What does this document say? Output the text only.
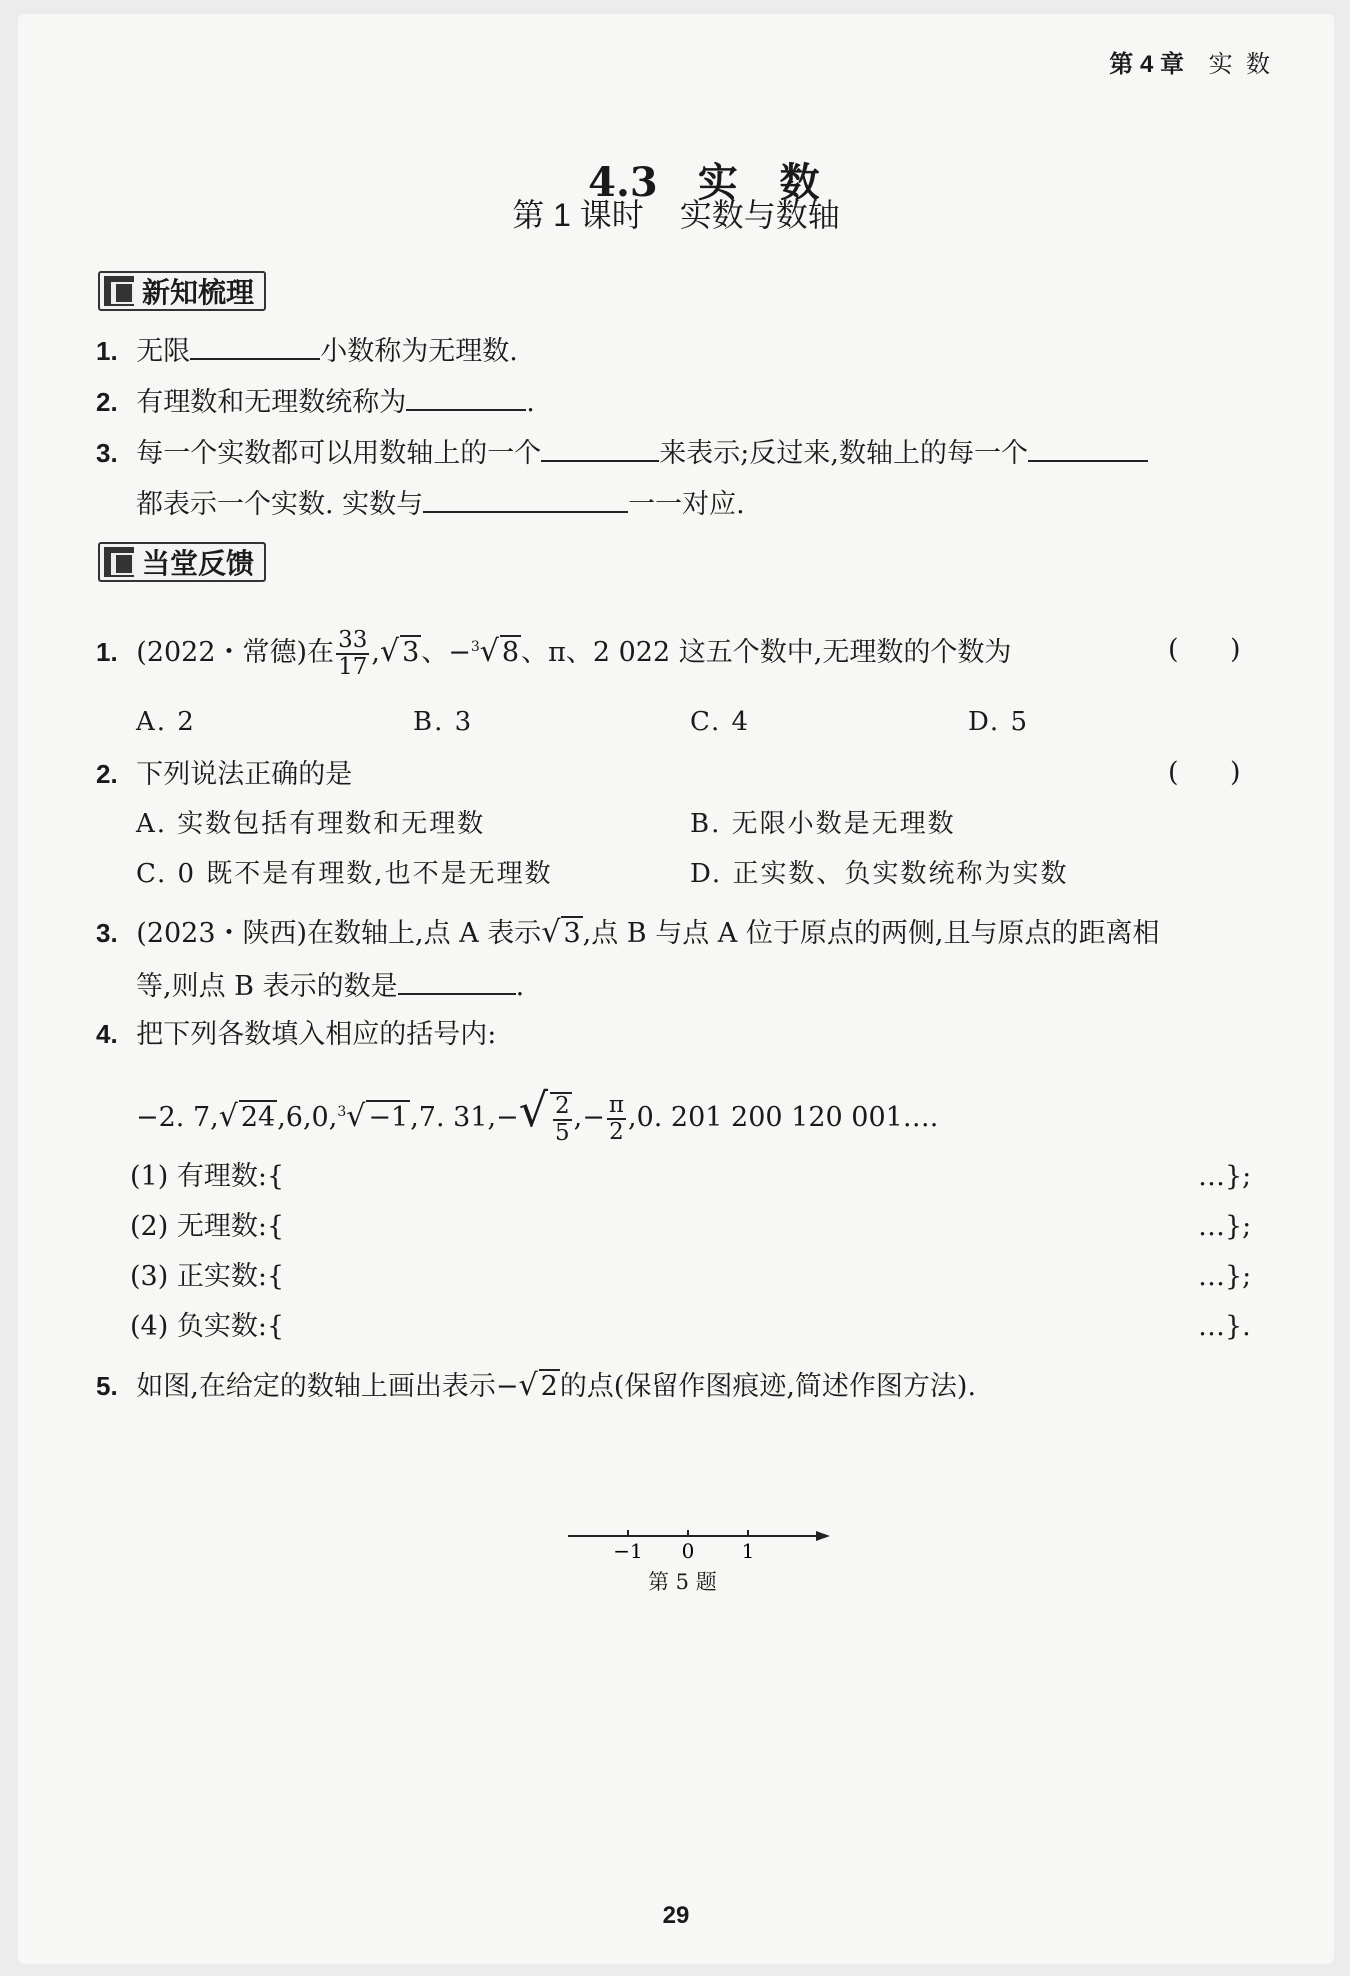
第 4 章 实  数

4.3 实   数

第 1 课时 实数与数轴
新知梳理
1. 无限	小数称为无理数.
2. 有理数和无理数统称为	.
3. 每一个实数都可以用数轴上的一个	来表示;反过来,数轴上的每一个
都表示一个实数. 实数与	一一对应.
当堂反馈
1. (2022・常德)在 $\frac{33}{17}$ ,√ 3、−$^3$√ 8、π、2 022 这五个数中,无理数的个数为	(      )
A. 2	B. 3	C. 4	D. 5
2. 下列说法正确的是	(      )
A. 实数包括有理数和无理数	B. 无限小数是无理数
C. 0 既不是有理数,也不是无理数	D. 正实数、负实数统称为实数
3. (2023・陕西)在数轴上,点 A 表示√ 3,点 B 与点 A 位于原点的两侧,且与原点的距离相
等,则点 B 表示的数是	.
4. 把下列各数填入相应的括号内:
−2. 7,√ 24,6,0,$^3$√ −1,7. $31,-√ \frac{2}{5}$ ,− $\frac{\pi}{2} ,0$. 201 200 120 001….
(1) 有理数:{	…};
(2) 无理数:{	…};
(3) 正实数:{	…};
(4) 负实数:{	…}.
5. 如图,在给定的数轴上画出表示−√ 2的点(保留作图痕迹,简述作图方法).
−1 0 1
第 5 题
29
